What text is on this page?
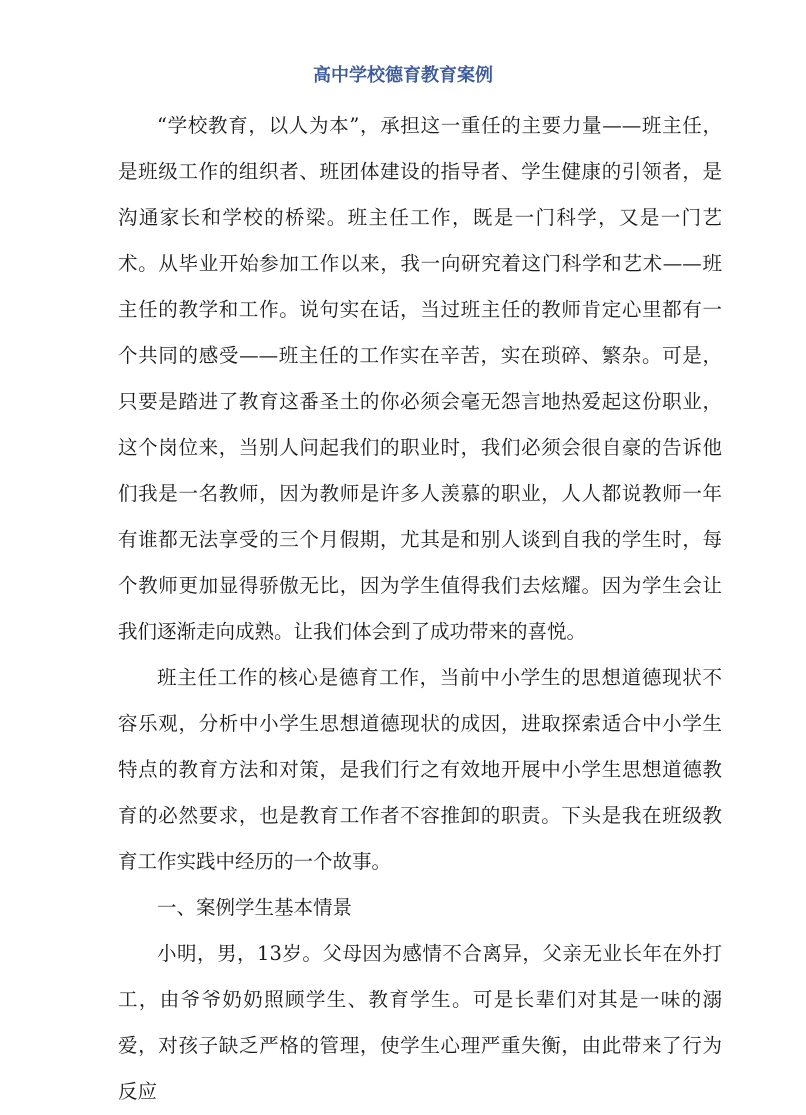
高中学校德育教育案例

“学校教育，以人为本”，承担这一重任的主要力量——班主任，是班级工作的组织者、班团体建设的指导者、学生健康的引领者，是沟通家长和学校的桥梁。班主任工作，既是一门科学，又是一门艺术。从毕业开始参加工作以来，我一向研究着这门科学和艺术——班主任的教学和工作。说句实在话，当过班主任的教师肯定心里都有一个共同的感受——班主任的工作实在辛苦，实在琐碎、繁杂。可是，只要是踏进了教育这番圣土的你必须会毫无怨言地热爱起这份职业，这个岗位来，当别人问起我们的职业时，我们必须会很自豪的告诉他们我是一名教师，因为教师是许多人羡慕的职业，人人都说教师一年有谁都无法享受的三个月假期，尤其是和别人谈到自我的学生时，每个教师更加显得骄傲无比，因为学生值得我们去炫耀。因为学生会让我们逐渐走向成熟。让我们体会到了成功带来的喜悦。

班主任工作的核心是德育工作，当前中小学生的思想道德现状不容乐观，分析中小学生思想道德现状的成因，进取探索适合中小学生特点的教育方法和对策，是我们行之有效地开展中小学生思想道德教育的必然要求，也是教育工作者不容推卸的职责。下头是我在班级教育工作实践中经历的一个故事。

一、案例学生基本情景

小明，男，13岁。父母因为感情不合离异，父亲无业长年在外打工，由爷爷奶奶照顾学生、教育学生。可是长辈们对其是一味的溺爱，对孩子缺乏严格的管理，使学生心理严重失衡，由此带来了行为反应
